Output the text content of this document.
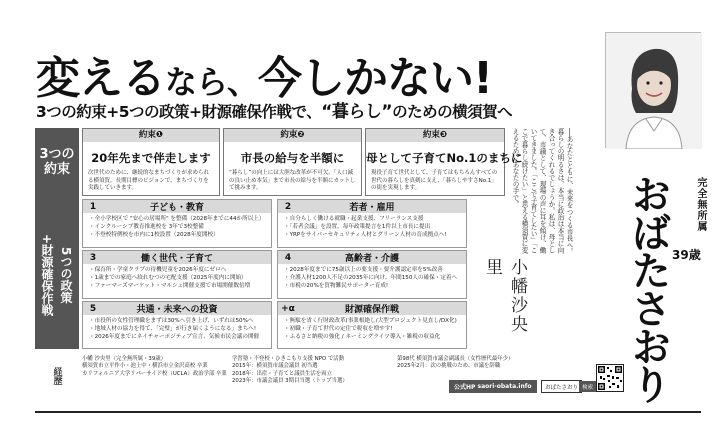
変えるなら、今しかない!
3つの約束+5つの政策+財源確保作戦で、“暮らし”のための横須賀へ
3つの
約束
5つの政策
+財源確保作戦
約束❶
20年先まで伴走します
次世代のために、継続的なまちづくりが求められる横須賀。長期目標のビジョンで、まちづくりを実践していきます。
約束❷
市長の給与を半額に
“暮らし”の向上には大胆な改革が不可欠。「人口減の良い止め本気」まで市長の給与を半額にカットして挑みます。
約束❸
母として子育てNo.1のまちに
現役子育て世代として、子育てはもちろんすべての世代の暮らしを真剣に支え、「暮らしやすさNo.1」の街を実現します。
1	子ども・教育
・全小学校区で "安心の居場所" を整備（2028年までに44か所以上）
・インクルーシブ教育推進校を 3年で3校整備
・不登校特例校を市内に1校設置（2028年度開校）
2	若者・雇用
・自分らしく働ける就職・起業支援、フリーランス支援
・「若者会議」を設置、毎年政策提言を1件以上市長に提出
・YRPをサイバーセキュリティ人材とグリーン人材の育成拠点へ!
3	働く世代・子育て
・保育所・学童クラブの待機児童を2026年度にゼロへ
・1歳までの家庭へ絞れむつの宅配支援（2025年度内に開始）
・ファーマーズマーケット・マルシェ開催支援で市場開催数倍増
4	高齢者・介護
・2028年度までに75歳以上の要支援・要介護認定率を5%改善
・介護人材1200人不足の2035年に向け、年間150人の確保・定着へ
・市税の20%を買物難民サポーター育成!
5	共通・未来への投資
・市役所の女性管理職をまずは30%へ引き上げ、いずれは50%へ
・地域人材の協力を得て、「完璧」が行き届くようになる」まちへ!
・2026年度までにネイチャーポジティブ宣言、気候市民会議の開催
+α	財源確保作戦
・無駄を省く行財政改革(事業根絶し/大型プロジェクト見直し/DX化)
・初職・子育て世代の定住で税収を増やす!
・ふるさと納税の強化 / ネーミングライツ導入・雑税の収益化
──あなたとともに、未来をつくる市長へ。暮らしの明るさは、本当に政治は本当に向き合ってくれるでしょうか。私は、母として、市議として、現場の声に耳を傾け、働いてきました。「ここで子育てしたい」「ここで暮らし続けたい」と思える横須賀に変えるため、あなたの手で。
小幡沙央里
完全無所属
おばたさおり 39歳
経歴
小幡 沙央里（完全無所属・39歳）
横須賀市立平作小・池上中・横浜市立金沢高校 卒業
カリフォルニア大学リバーサイド校（UCLA）政治学部 卒業
学習塾・不登校・ひきこもり支援 NPO で活動
2015年：横須賀市議会議員 初当選
2018年：出産・子育てと議員生活を両立
2023年：市議会議員 3期目当選（トップ当選）
第98代 横須賀市議会副議長（女性歴代最年少）
2025年2月：次の挑戦のため、市議を辞職
公式HP
saori-obata.info おばたさおり 検索
